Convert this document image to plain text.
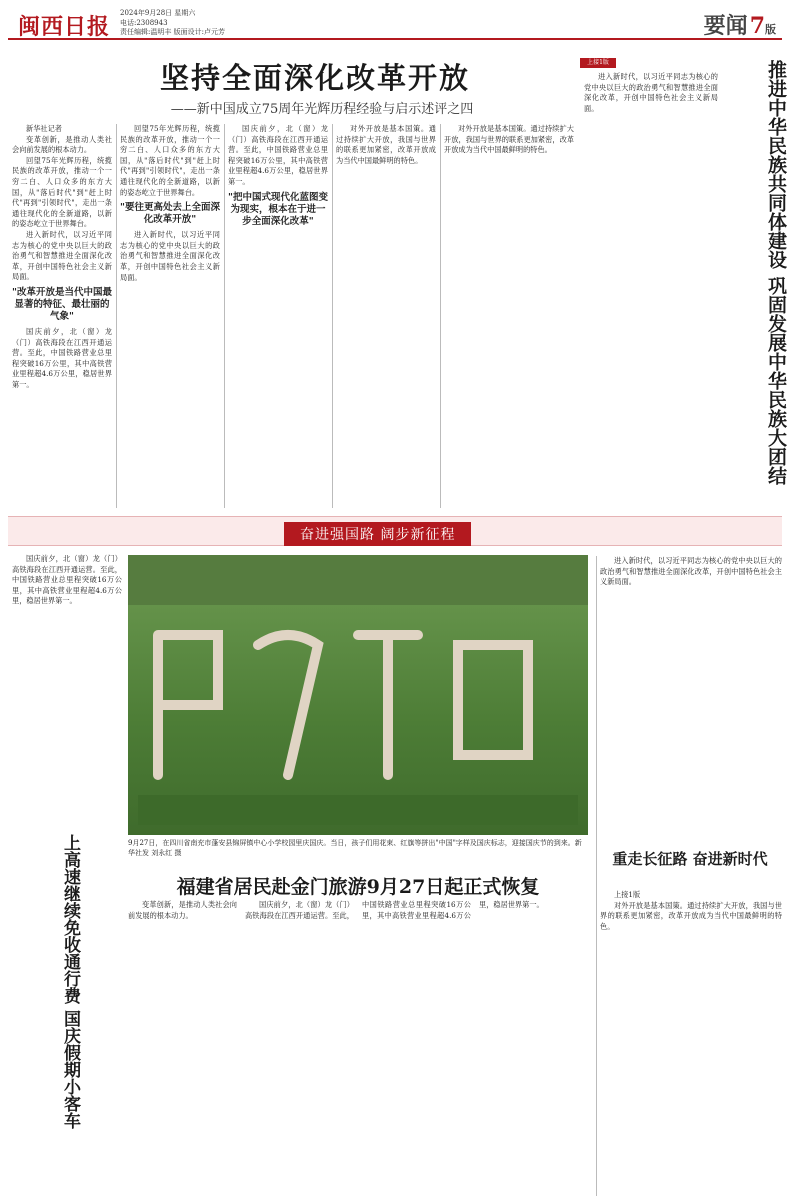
闽西日报
2024年9月28日 星期六
电话:2308943
责任编辑:温明丰 版面设计:卢元芳	要闻7版
坚持全面深化改革开放
——新中国成立75周年光辉历程经验与启示述评之四

新华社记者

变革创新，是推动人类社会向前发展的根本动力。

回望75年光辉历程，统揽民族的改革开放，推动一个一穷二白、人口众多的东方大国，从"落后时代"到"赶上时代"再到"引领时代"，走出一条通往现代化的全新道路，以新的姿态屹立于世界舞台。

进入新时代，以习近平同志为核心的党中央以巨大的政治勇气和智慧推进全面深化改革，开创中国特色社会主义新局面。

"改革开放是当代中国最显著的特征、最壮丽的气象"

国庆前夕，北（窗）龙（门）高铁海段在江西开通运营。至此，中国铁路营业总里程突破16万公里，其中高铁营业里程超4.6万公里，稳居世界第一。

回望75年光辉历程，统揽民族的改革开放，推动一个一穷二白、人口众多的东方大国，从"落后时代"到"赶上时代"再到"引领时代"，走出一条通往现代化的全新道路，以新的姿态屹立于世界舞台。

"要往更高处去上全面深化改革开放"

进入新时代，以习近平同志为核心的党中央以巨大的政治勇气和智慧推进全面深化改革，开创中国特色社会主义新局面。

国庆前夕，北（窗）龙（门）高铁海段在江西开通运营。至此，中国铁路营业总里程突破16万公里，其中高铁营业里程超4.6万公里，稳居世界第一。

"把中国式现代化蓝图变为现实，根本在于进一步全面深化改革"

对外开放是基本国策。通过持续扩大开放，我国与世界的联系更加紧密，改革开放成为当代中国最鲜明的特色。

对外开放是基本国策。通过持续扩大开放，我国与世界的联系更加紧密，改革开放成为当代中国最鲜明的特色。

上接1版	推进中华民族共同体建设 巩固发展中华民族大团结

进入新时代，以习近平同志为核心的党中央以巨大的政治勇气和智慧推进全面深化改革，开创中国特色社会主义新局面。

奋进强国路 阔步新征程
上高速继续免收通行费 国庆假期小客车

国庆前夕，北（窗）龙（门）高铁海段在江西开通运营。至此，中国铁路营业总里程突破16万公里，其中高铁营业里程超4.6万公里，稳居世界第一。

9月27日，在四川省南充市蓬安县锦屏镇中心小学校园里庆国庆。当日，孩子们用花束、红旗等拼出"中国"字样及国庆标志，迎接国庆节的到来。新华社发 刘永红 摄
福建省居民赴金门旅游9月27日起正式恢复

变革创新，是推动人类社会向前发展的根本动力。

国庆前夕，北（窗）龙（门）高铁海段在江西开通运营。至此，中国铁路营业总里程突破16万公里，其中高铁营业里程超4.6万公里，稳居世界第一。

进入新时代，以习近平同志为核心的党中央以巨大的政治勇气和智慧推进全面深化改革，开创中国特色社会主义新局面。

重走长征路 奋进新时代

上接1版

对外开放是基本国策。通过持续扩大开放，我国与世界的联系更加紧密，改革开放成为当代中国最鲜明的特色。
